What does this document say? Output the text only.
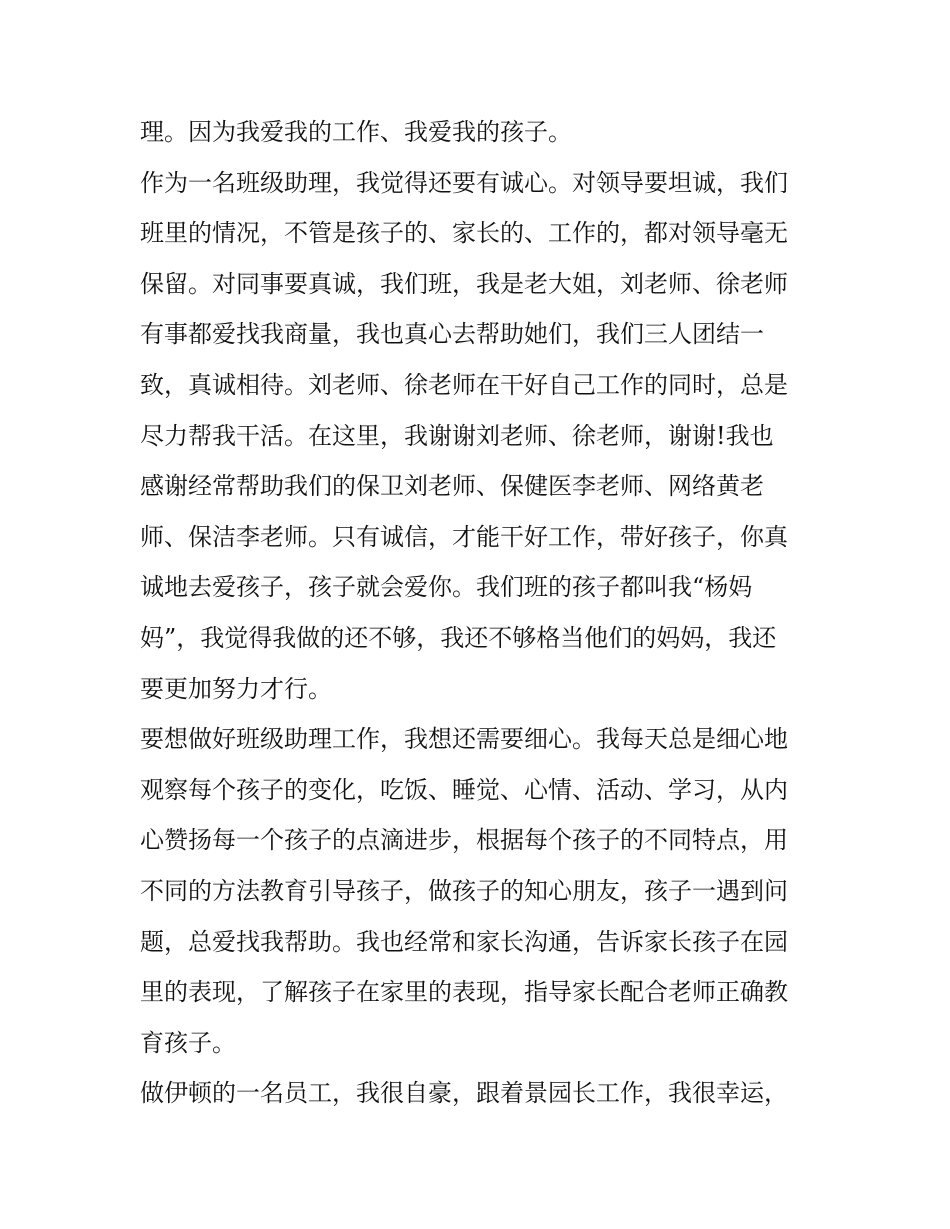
理。因为我爱我的工作、我爱我的孩子。
作为一名班级助理，我觉得还要有诚心。对领导要坦诚，我们
班里的情况，不管是孩子的、家长的、工作的，都对领导毫无
保留。对同事要真诚，我们班，我是老大姐，刘老师、徐老师
有事都爱找我商量，我也真心去帮助她们，我们三人团结一
致，真诚相待。刘老师、徐老师在干好自己工作的同时，总是
尽力帮我干活。在这里，我谢谢刘老师、徐老师，谢谢!我也
感谢经常帮助我们的保卫刘老师、保健医李老师、网络黄老
师、保洁李老师。只有诚信，才能干好工作，带好孩子，你真
诚地去爱孩子，孩子就会爱你。我们班的孩子都叫我“杨妈
妈”，我觉得我做的还不够，我还不够格当他们的妈妈，我还
要更加努力才行。
要想做好班级助理工作，我想还需要细心。我每天总是细心地
观察每个孩子的变化，吃饭、睡觉、心情、活动、学习，从内
心赞扬每一个孩子的点滴进步，根据每个孩子的不同特点，用
不同的方法教育引导孩子，做孩子的知心朋友，孩子一遇到问
题，总爱找我帮助。我也经常和家长沟通，告诉家长孩子在园
里的表现，了解孩子在家里的表现，指导家长配合老师正确教
育孩子。
做伊顿的一名员工，我很自豪，跟着景园长工作，我很幸运，
